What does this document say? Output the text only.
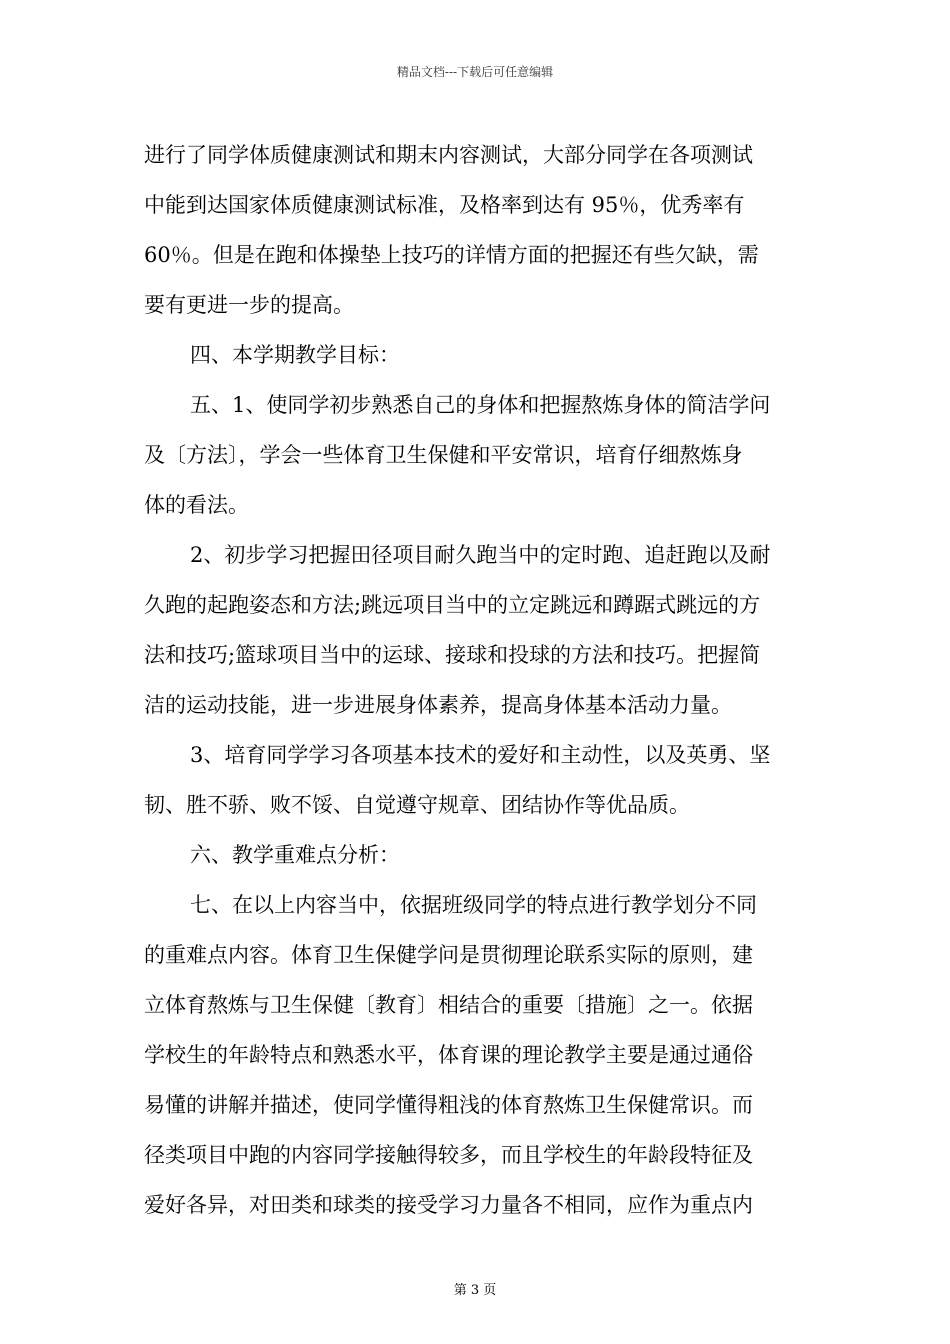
精品文档---下载后可任意编辑
进行了同学体质健康测试和期末内容测试，大部分同学在各项测试
中能到达国家体质健康测试标准，及格率到达有 95％，优秀率有
60％。但是在跑和体操垫上技巧的详情方面的把握还有些欠缺，需
要有更进一步的提高。
四、本学期教学目标：
五、1、使同学初步熟悉自己的身体和把握熬炼身体的简洁学问
及〔方法〕，学会一些体育卫生保健和平安常识，培育仔细熬炼身
体的看法。
2、初步学习把握田径项目耐久跑当中的定时跑、追赶跑以及耐
久跑的起跑姿态和方法;跳远项目当中的立定跳远和蹲踞式跳远的方
法和技巧;篮球项目当中的运球、接球和投球的方法和技巧。把握简
洁的运动技能，进一步进展身体素养，提高身体基本活动力量。
3、培育同学学习各项基本技术的爱好和主动性，以及英勇、坚
韧、胜不骄、败不馁、自觉遵守规章、团结协作等优品质。
六、教学重难点分析：
七、在以上内容当中，依据班级同学的特点进行教学划分不同
的重难点内容。体育卫生保健学问是贯彻理论联系实际的原则，建
立体育熬炼与卫生保健〔教育〕相结合的重要〔措施〕之一。依据
学校生的年龄特点和熟悉水平，体育课的理论教学主要是通过通俗
易懂的讲解并描述，使同学懂得粗浅的体育熬炼卫生保健常识。而
径类项目中跑的内容同学接触得较多，而且学校生的年龄段特征及
爱好各异，对田类和球类的接受学习力量各不相同，应作为重点内
第 3 页
